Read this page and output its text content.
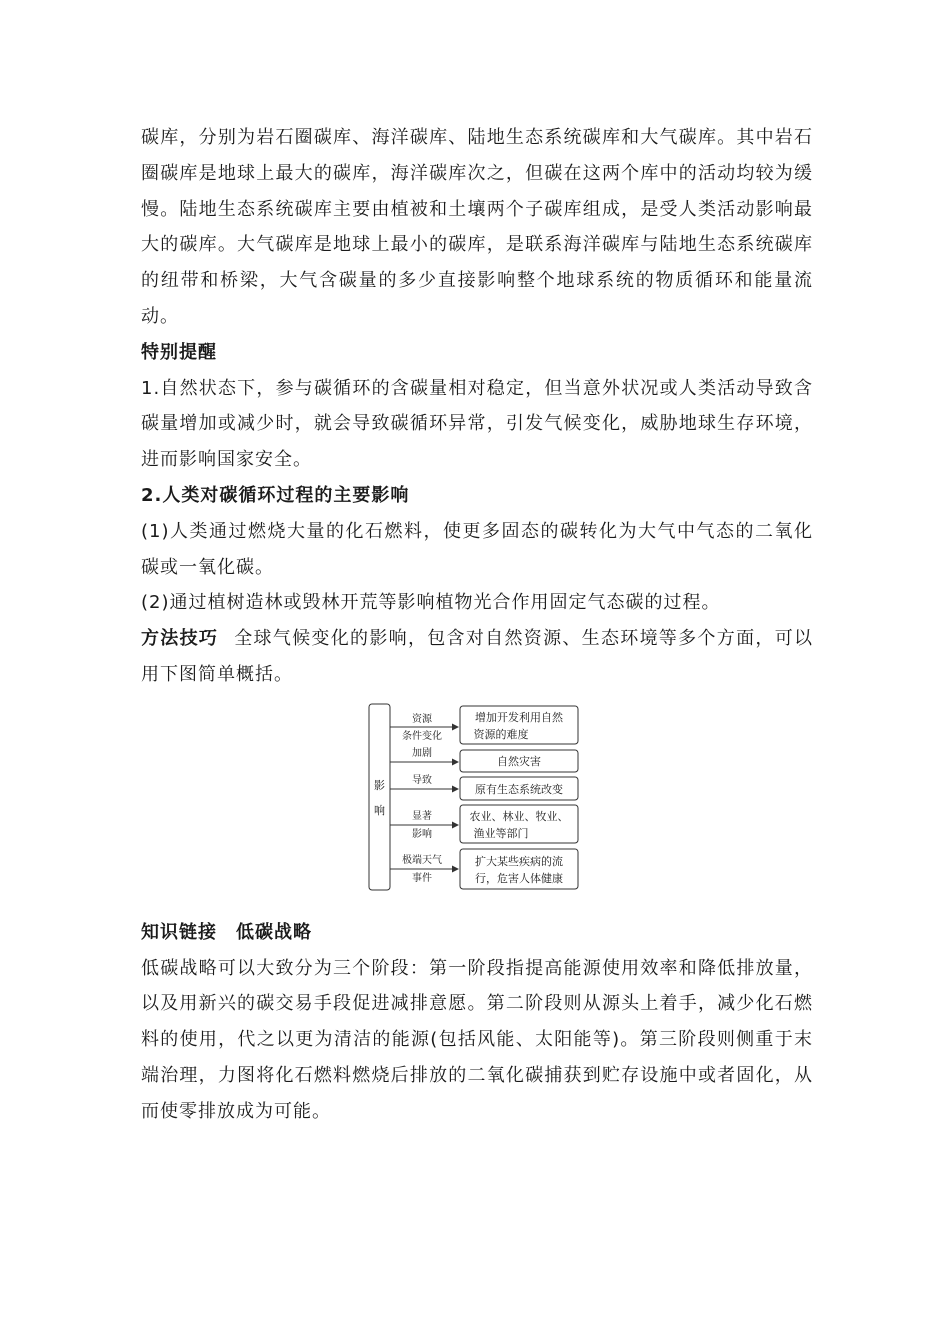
碳库，分别为岩石圈碳库、海洋碳库、陆地生态系统碳库和大气碳库。其中岩石圈碳库是地球上最大的碳库，海洋碳库次之，但碳在这两个库中的活动均较为缓慢。陆地生态系统碳库主要由植被和土壤两个子碳库组成，是受人类活动影响最大的碳库。大气碳库是地球上最小的碳库，是联系海洋碳库与陆地生态系统碳库的纽带和桥梁，大气含碳量的多少直接影响整个地球系统的物质循环和能量流动。

特别提醒

1.自然状态下，参与碳循环的含碳量相对稳定，但当意外状况或人类活动导致含碳量增加或减少时，就会导致碳循环异常，引发气候变化，威胁地球生存环境，进而影响国家安全。

2.人类对碳循环过程的主要影响

(1)人类通过燃烧大量的化石燃料，使更多固态的碳转化为大气中气态的二氧化碳或一氧化碳。

(2)通过植树造林或毁林开荒等影响植物光合作用固定气态碳的过程。

方法技巧 全球气候变化的影响，包含对自然资源、生态环境等多个方面，可以用下图简单概括。

影
响
资源
条件变化
增加开发利用自然
资源的难度
加剧
自然灾害
导致
原有生态系统改变
显著
影响
农业、林业、牧业、
渔业等部门
极端天气
事件
扩大某些疾病的流
行，危害人体健康

知识链接　低碳战略

低碳战略可以大致分为三个阶段：第一阶段指提高能源使用效率和降低排放量，以及用新兴的碳交易手段促进减排意愿。第二阶段则从源头上着手，减少化石燃料的使用，代之以更为清洁的能源(包括风能、太阳能等)。第三阶段则侧重于末端治理，力图将化石燃料燃烧后排放的二氧化碳捕获到贮存设施中或者固化，从而使零排放成为可能。
